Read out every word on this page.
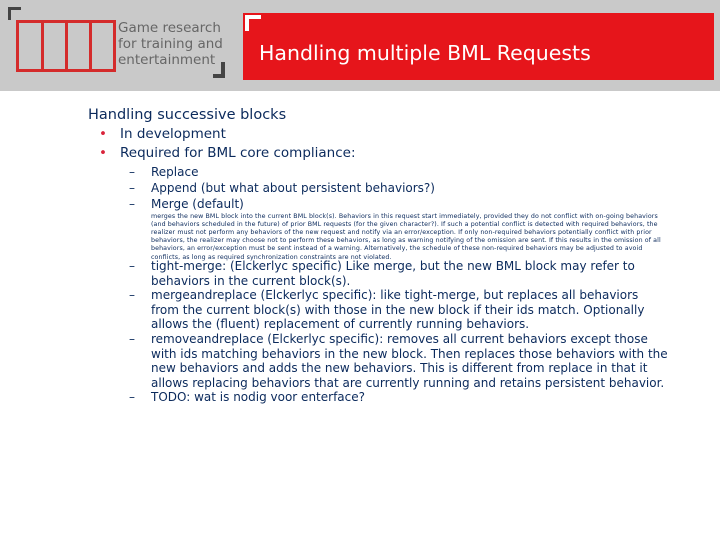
Game research
for training and
entertainment	Handling multiple BML Requests
Handling successive blocks
• In development
• Required for BML core compliance:
– Replace
– Append (but what about persistent behaviors?)
– Merge (default)
merges the new BML block into the current BML block(s). Behaviors in this request start immediately, provided they do not conflict with on-going behaviors (and behaviors scheduled in the future) of prior BML requests (for the given character?). If such a potential conflict is detected with required behaviors, the realizer must not perform any behaviors of the new request and notify via an error/exception. If only non-required behaviors potentially conflict with prior behaviors, the realizer may choose not to perform these behaviors, as long as warning notifying of the omission are sent. If this results in the omission of all behaviors, an error/exception must be sent instead of a warning. Alternatively, the schedule of these non-required behaviors may be adjusted to avoid conflicts, as long as required synchronization constraints are not violated.
– tight-merge: (Elckerlyc specific) Like merge, but the new BML block may refer to behaviors in the current block(s).
– mergeandreplace (Elckerlyc specific): like tight-merge, but replaces all behaviors from the current block(s) with those in the new block if their ids match. Optionally allows the (fluent) replacement of currently running behaviors.
– removeandreplace (Elckerlyc specific): removes all current behaviors except those with ids matching behaviors in the new block. Then replaces those behaviors with the new behaviors and adds the new behaviors. This is different from replace in that it allows replacing behaviors that are currently running and retains persistent behavior.
– TODO: wat is nodig voor enterface?
